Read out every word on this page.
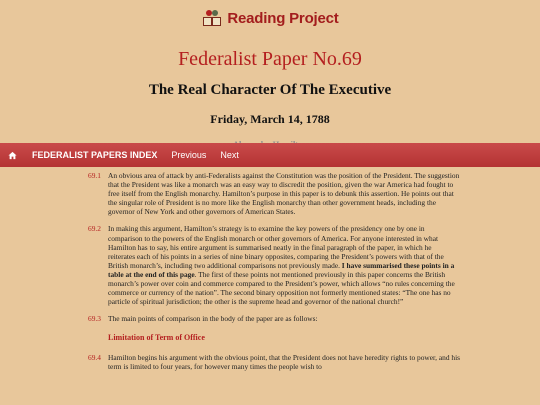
Reading Project
Federalist Paper No.69
The Real Character Of The Executive
Friday, March 14, 1788
FEDERALIST PAPERS INDEX Previous Next
69.1 An obvious area of attack by anti-Federalists against the Constitution was the position of the President. The suggestion that the President was like a monarch was an easy way to discredit the position, given the war America had fought to free itself from the English monarchy. Hamilton’s purpose in this paper is to debunk this assertion. He points out that the singular role of President is no more like the English monarchy than other government heads, including the governor of New York and other governors of American States.
69.2 In making this argument, Hamilton’s strategy is to examine the key powers of the presidency one by one in comparison to the powers of the English monarch or other governors of America. For anyone interested in what Hamilton has to say, his entire argument is summarised neatly in the final paragraph of the paper, in which he reiterates each of his points in a series of nine binary opposites, comparing the President’s powers with that of the British monarch’s, including two additional comparisons not previously made. I have summarised these points in a table at the end of this page. The first of these points not mentioned previously in this paper concerns the British monarch’s power over coin and commerce compared to the President’s power, which allows “no rules concerning the commerce or currency of the nation”. The second binary opposition not formerly mentioned states: “The one has no particle of spiritual jurisdiction; the other is the supreme head and governor of the national church!”
69.3 The main points of comparison in the body of the paper are as follows:
Limitation of Term of Office
69.4 Hamilton begins his argument with the obvious point, that the President does not have heredity rights to power, and his term is limited to four years, for however many times the people wish to
